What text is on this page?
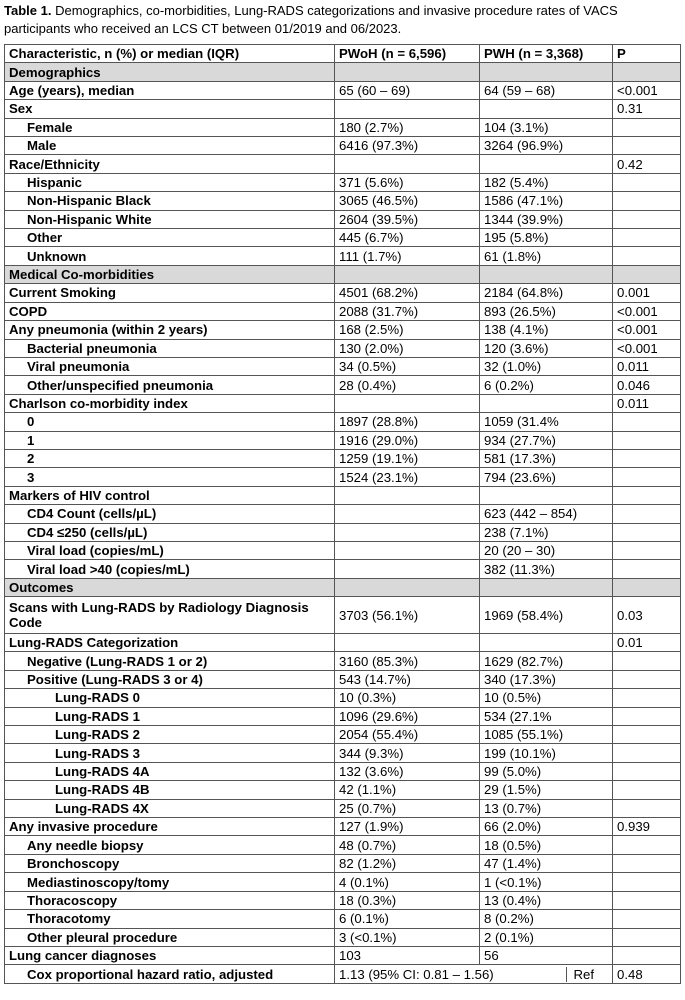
Table 1. Demographics, co-morbidities, Lung-RADS categorizations and invasive procedure rates of VACS participants who received an LCS CT between 01/2019 and 06/2023.
Characteristic, n (%) or median (IQR)	PWoH (n = 6,596)	PWH (n = 3,368)	P
Demographics			
Age (years), median	65 (60 – 69)	64 (59 – 68)	<0.001
Sex			0.31
Female	180 (2.7%)	104 (3.1%)	
Male	6416 (97.3%)	3264 (96.9%)	
Race/Ethnicity			0.42
Hispanic	371 (5.6%)	182 (5.4%)	
Non-Hispanic Black	3065 (46.5%)	1586 (47.1%)	
Non-Hispanic White	2604 (39.5%)	1344 (39.9%)	
Other	445 (6.7%)	195 (5.8%)	
Unknown	111 (1.7%)	61 (1.8%)	
Medical Co-morbidities			
Current Smoking	4501 (68.2%)	2184 (64.8%)	0.001
COPD	2088 (31.7%)	893 (26.5%)	<0.001
Any pneumonia (within 2 years)	168 (2.5%)	138 (4.1%)	<0.001
Bacterial pneumonia	130 (2.0%)	120 (3.6%)	<0.001
Viral pneumonia	34 (0.5%)	32 (1.0%)	0.011
Other/unspecified pneumonia	28 (0.4%)	6 (0.2%)	0.046
Charlson co-morbidity index			0.011
0	1897 (28.8%)	1059 (31.4%	
1	1916 (29.0%)	934 (27.7%)	
2	1259 (19.1%)	581 (17.3%)	
3	1524 (23.1%)	794 (23.6%)	
Markers of HIV control			
CD4 Count (cells/µL)		623 (442 – 854)	
CD4 ≤250 (cells/µL)		238 (7.1%)	
Viral load (copies/mL)		20 (20 – 30)	
Viral load >40 (copies/mL)		382 (11.3%)	
Outcomes			
Scans with Lung-RADS by Radiology Diagnosis Code	3703 (56.1%)	1969 (58.4%)	0.03
Lung-RADS Categorization			0.01
Negative (Lung-RADS 1 or 2)	3160 (85.3%)	1629 (82.7%)	
Positive (Lung-RADS 3 or 4)	543 (14.7%)	340 (17.3%)	
Lung-RADS 0	10 (0.3%)	10 (0.5%)	
Lung-RADS 1	1096 (29.6%)	534 (27.1%	
Lung-RADS 2	2054 (55.4%)	1085 (55.1%)	
Lung-RADS 3	344 (9.3%)	199 (10.1%)	
Lung-RADS 4A	132 (3.6%)	99 (5.0%)	
Lung-RADS 4B	42 (1.1%)	29 (1.5%)	
Lung-RADS 4X	25 (0.7%)	13 (0.7%)	
Any invasive procedure	127 (1.9%)	66 (2.0%)	0.939
Any needle biopsy	48 (0.7%)	18 (0.5%)	
Bronchoscopy	82 (1.2%)	47 (1.4%)	
Mediastinoscopy/tomy	4 (0.1%)	1 (<0.1%)	
Thoracoscopy	18 (0.3%)	13 (0.4%)	
Thoracotomy	6 (0.1%)	8 (0.2%)	
Other pleural procedure	3 (<0.1%)	2 (0.1%)	
Lung cancer diagnoses	103	56	
Cox proportional hazard ratio, adjusted	1.13 (95% CI: 0.81 – 1.56) Ref		0.48
